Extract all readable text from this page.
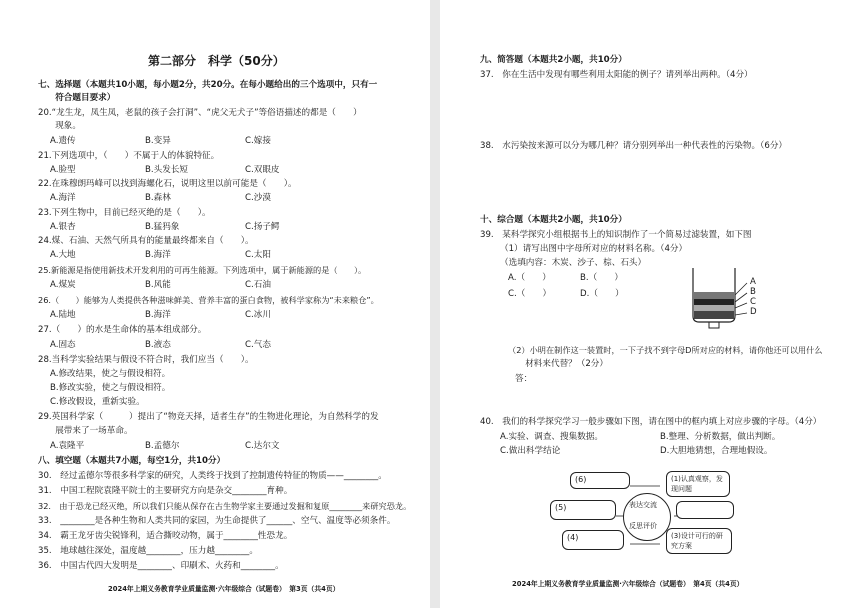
第二部分　科学（50分）
七、选择题（本题共10小题，每小题2分，共20分。在每小题给出的三个选项中，只有一
　　符合题目要求）
20.“龙生龙，凤生凤，老鼠的孩子会打洞”、“虎父无犬子”等俗语描述的都是（　　）
　　现象。
A.遗传	B.变异	C.嫁接
21.下列选项中，（　　）不属于人的体貌特征。
A.脸型	B.头发长短	C.双眼皮
22.在珠穆朗玛峰可以找到海螺化石，说明这里以前可能是（　　）。
A.海洋	B.森林	C.沙漠
23.下列生物中，目前已经灭绝的是（　　）。
A.银杏	B.猛犸象	C.扬子鳄
24.煤、石油、天然气所具有的能量最终都来自（　　）。
A.大地	B.海洋	C.太阳
25.新能源是指使用新技术开发利用的可再生能源。下列选项中，属于新能源的是（　　）。
A.煤炭	B.风能	C.石油
26.（　　）能够为人类提供各种滋味鲜美、营养丰富的蛋白食物，被科学家称为“未来粮仓”。
A.陆地	B.海洋	C.冰川
27.（　　）的水是生命体的基本组成部分。
A.固态	B.液态	C.气态
28.当科学实验结果与假设不符合时，我们应当（　　）。
A.修改结果，使之与假设相符。
B.修改实验，使之与假设相符。
C.修改假设，重新实验。
29.英国科学家（　　　）提出了“物竞天择，适者生存”的生物进化理论，为自然科学的发
　　展带来了一场革命。
A.袁隆平	B.孟德尔	C.达尔文
八、填空题（本题共7小题，每空1分，共10分）
30.　经过孟德尔等很多科学家的研究，人类终于找到了控制遗传特征的物质——________。
31.　中国工程院袁隆平院士的主要研究方向是杂交________育种。
32.　由于恐龙已经灭绝，所以我们只能从保存在古生物学家主要通过发掘和复原________来研究恐龙。
33.　________是各种生物和人类共同的家园，为生命提供了______、空气、温度等必须条件。
34.　霸王龙牙齿尖锐锋利，适合撕咬动物，属于________性恐龙。
35.　地球越往深处，温度越________，压力越________。
36.　中国古代四大发明是________、印刷术、火药和________。
2024年上期义务教育学业质量监测·六年级综合（试题卷）　第3页（共4页）
九、简答题（本题共2小题，共10分）
37.　你在生活中发现有哪些利用太阳能的例子？请列举出两种。（4分）
38.　水污染按来源可以分为哪几种？请分别列举出一种代表性的污染物。（6分）
十、综合题（本题共2小题，共10分）
39.　某科学探究小组根据书上的知识制作了一个简易过滤装置，如下图
（1）请写出图中字母所对应的材料名称。（4分）
（选填内容：木炭、沙子、棕、石头）
A.（　　）	B.（　　）
C.（　　）	D.（　　）
A
B
C
D
（2）小明在制作这一装置时，一下子找不到字母D所对应的材料，请你他还可以用什么
　　材料来代替？（2分）
答：
40.　我们的科学探究学习一般步骤如下图，请在图中的框内填上对应步骤的字母。（4分）
A.实验、调查、搜集数据。	B.整理、分析数据，做出判断。
C.做出科学结论	D.大胆地猜想，合理地假设。
(6)	(1)认真观察，发现问题
(5)
(4)	(3)设计可行的研究方案
表达交流
反思评价
2024年上期义务教育学业质量监测·六年级综合（试题卷）　第4页（共4页）
